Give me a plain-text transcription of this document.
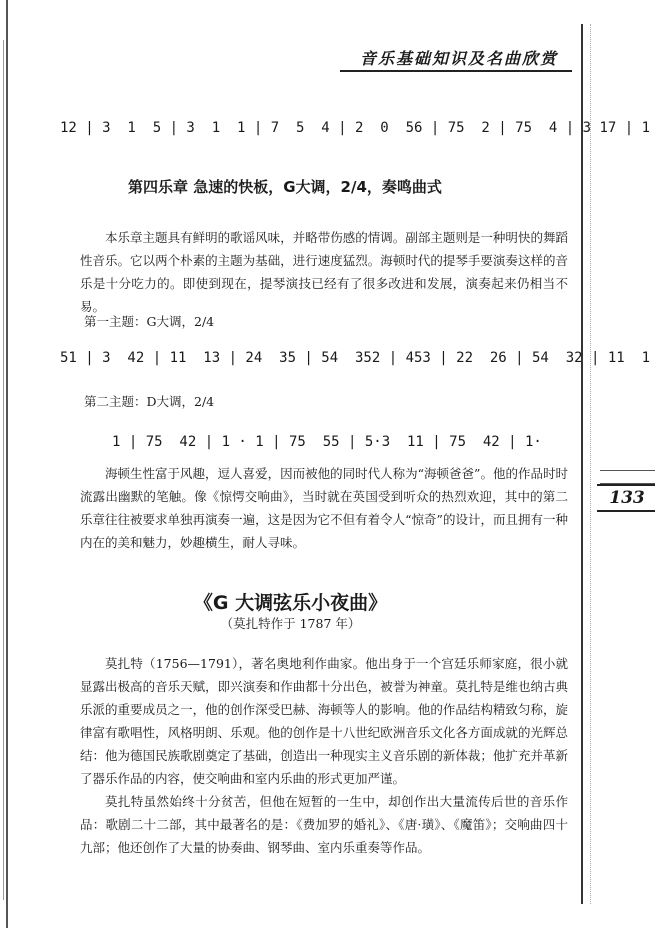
音乐基础知识及名曲欣赏
133
12 | 3  1  5 | 3  1  1 | 7  5  4 | 2  0  56 | 75  2 | 75  4 | 3 17 | 1
第四乐章 急速的快板，G大调，2/4，奏鸣曲式

本乐章主题具有鲜明的歌谣风味，并略带伤感的情调。副部主题则是一种明快的舞蹈性音乐。它以两个朴素的主题为基础，进行速度猛烈。海顿时代的提琴手要演奏这样的音乐是十分吃力的。即使到现在，提琴演技已经有了很多改进和发展，演奏起来仍相当不易。

第一主题：G大调，2/4
51 | 3  42 | 11  13 | 24  35 | 54  352 | 453 | 22  26 | 54  32 | 11  1
第二主题：D大调，2/4
1 | 75  42 | 1 · 1 | 75  55 | 5·3  11 | 75  42 | 1·

海顿生性富于风趣，逗人喜爱，因而被他的同时代人称为“海顿爸爸”。他的作品时时流露出幽默的笔触。像《惊愕交响曲》，当时就在英国受到听众的热烈欢迎，其中的第二乐章往往被要求单独再演奏一遍，这是因为它不但有着令人“惊奇”的设计，而且拥有一种内在的美和魅力，妙趣横生，耐人寻味。

《G 大调弦乐小夜曲》
（莫扎特作于 1787 年）

莫扎特（1756—1791），著名奥地利作曲家。他出身于一个宫廷乐师家庭，很小就显露出极高的音乐天赋，即兴演奏和作曲都十分出色，被誉为神童。莫扎特是维也纳古典乐派的重要成员之一，他的创作深受巴赫、海顿等人的影响。他的作品结构精致匀称，旋律富有歌唱性，风格明朗、乐观。他的创作是十八世纪欧洲音乐文化各方面成就的光辉总结：他为德国民族歌剧奠定了基础，创造出一种现实主义音乐剧的新体裁；他扩充并革新了器乐作品的内容，使交响曲和室内乐曲的形式更加严谨。

莫扎特虽然始终十分贫苦，但他在短暂的一生中，却创作出大量流传后世的音乐作品：歌剧二十二部，其中最著名的是：《费加罗的婚礼》、《唐·璜》、《魔笛》；交响曲四十九部；他还创作了大量的协奏曲、钢琴曲、室内乐重奏等作品。
